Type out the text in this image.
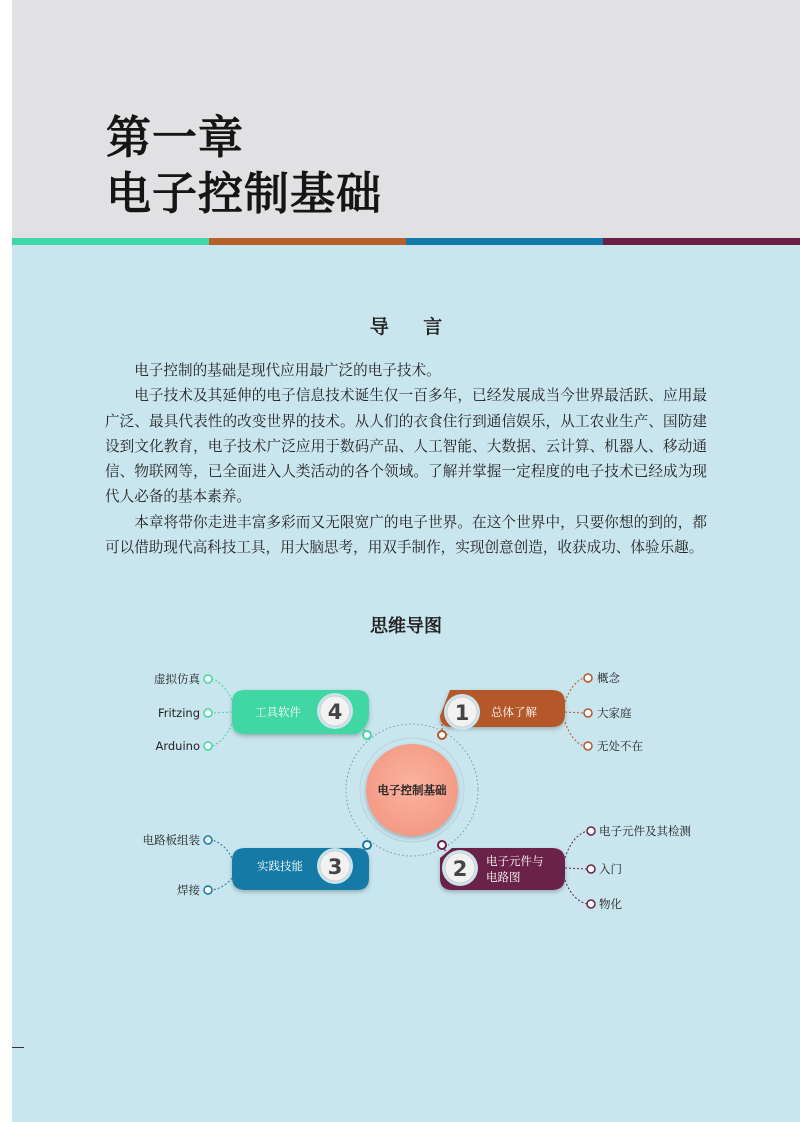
第一章
电子控制基础
导 言

电子控制的基础是现代应用最广泛的电子技术。

电子技术及其延伸的电子信息技术诞生仅一百多年，已经发展成当今世界最活跃、应用最广泛、最具代表性的改变世界的技术。从人们的衣食住行到通信娱乐，从工农业生产、国防建设到文化教育，电子技术广泛应用于数码产品、人工智能、大数据、云计算、机器人、移动通信、物联网等，已全面进入人类活动的各个领域。了解并掌握一定程度的电子技术已经成为现代人必备的基本素养。

本章将带你走进丰富多彩而又无限宽广的电子世界。在这个世界中，只要你想的到的，都可以借助现代高科技工具，用大脑思考，用双手制作，实现创意创造，收获成功、体验乐趣。

思维导图
1 总体了解
概念
大家庭
无处不在
2 电子元件与
电路图
电子元件及其检测
入门
物化
3
实践技能
电路板组装
焊接
4
工具软件
虚拟仿真
Fritzing
Arduino
电子控制基础
